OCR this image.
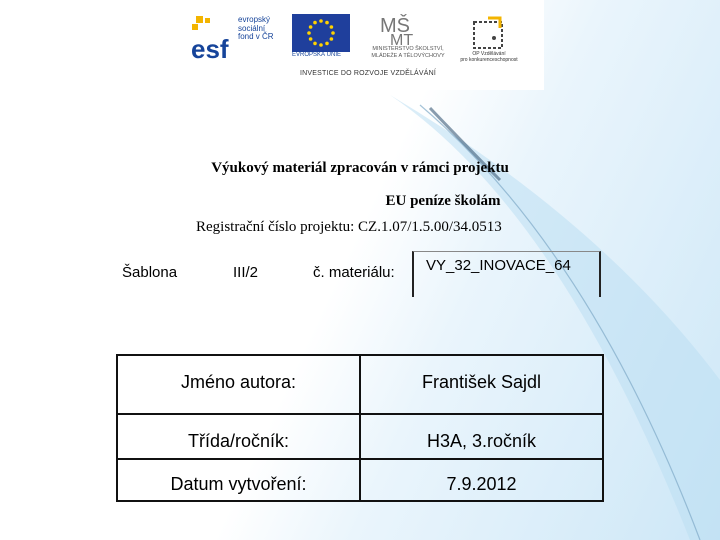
esf
evropský
sociální
fond v ČR
EVROPSKÁ UNIE
MŠ
MT
MINISTERSTVO ŠKOLSTVÍ,
MLÁDEŽE A TĚLOVÝCHOVY	OP Vzdělávání
pro konkurenceschopnost
INVESTICE DO ROZVOJE VZDĚLÁVÁNÍ
Výukový materiál zpracován v rámci projektu
EU peníze školám
Registrační číslo projektu: CZ.1.07/1.5.00/34.0513
Šablona	III/2	č. materiálu: VY_32_INOVACE_64
Jméno autora:	František Sajdl
Třída/ročník:	H3A, 3.ročník
Datum vytvoření:	7.9.2012
